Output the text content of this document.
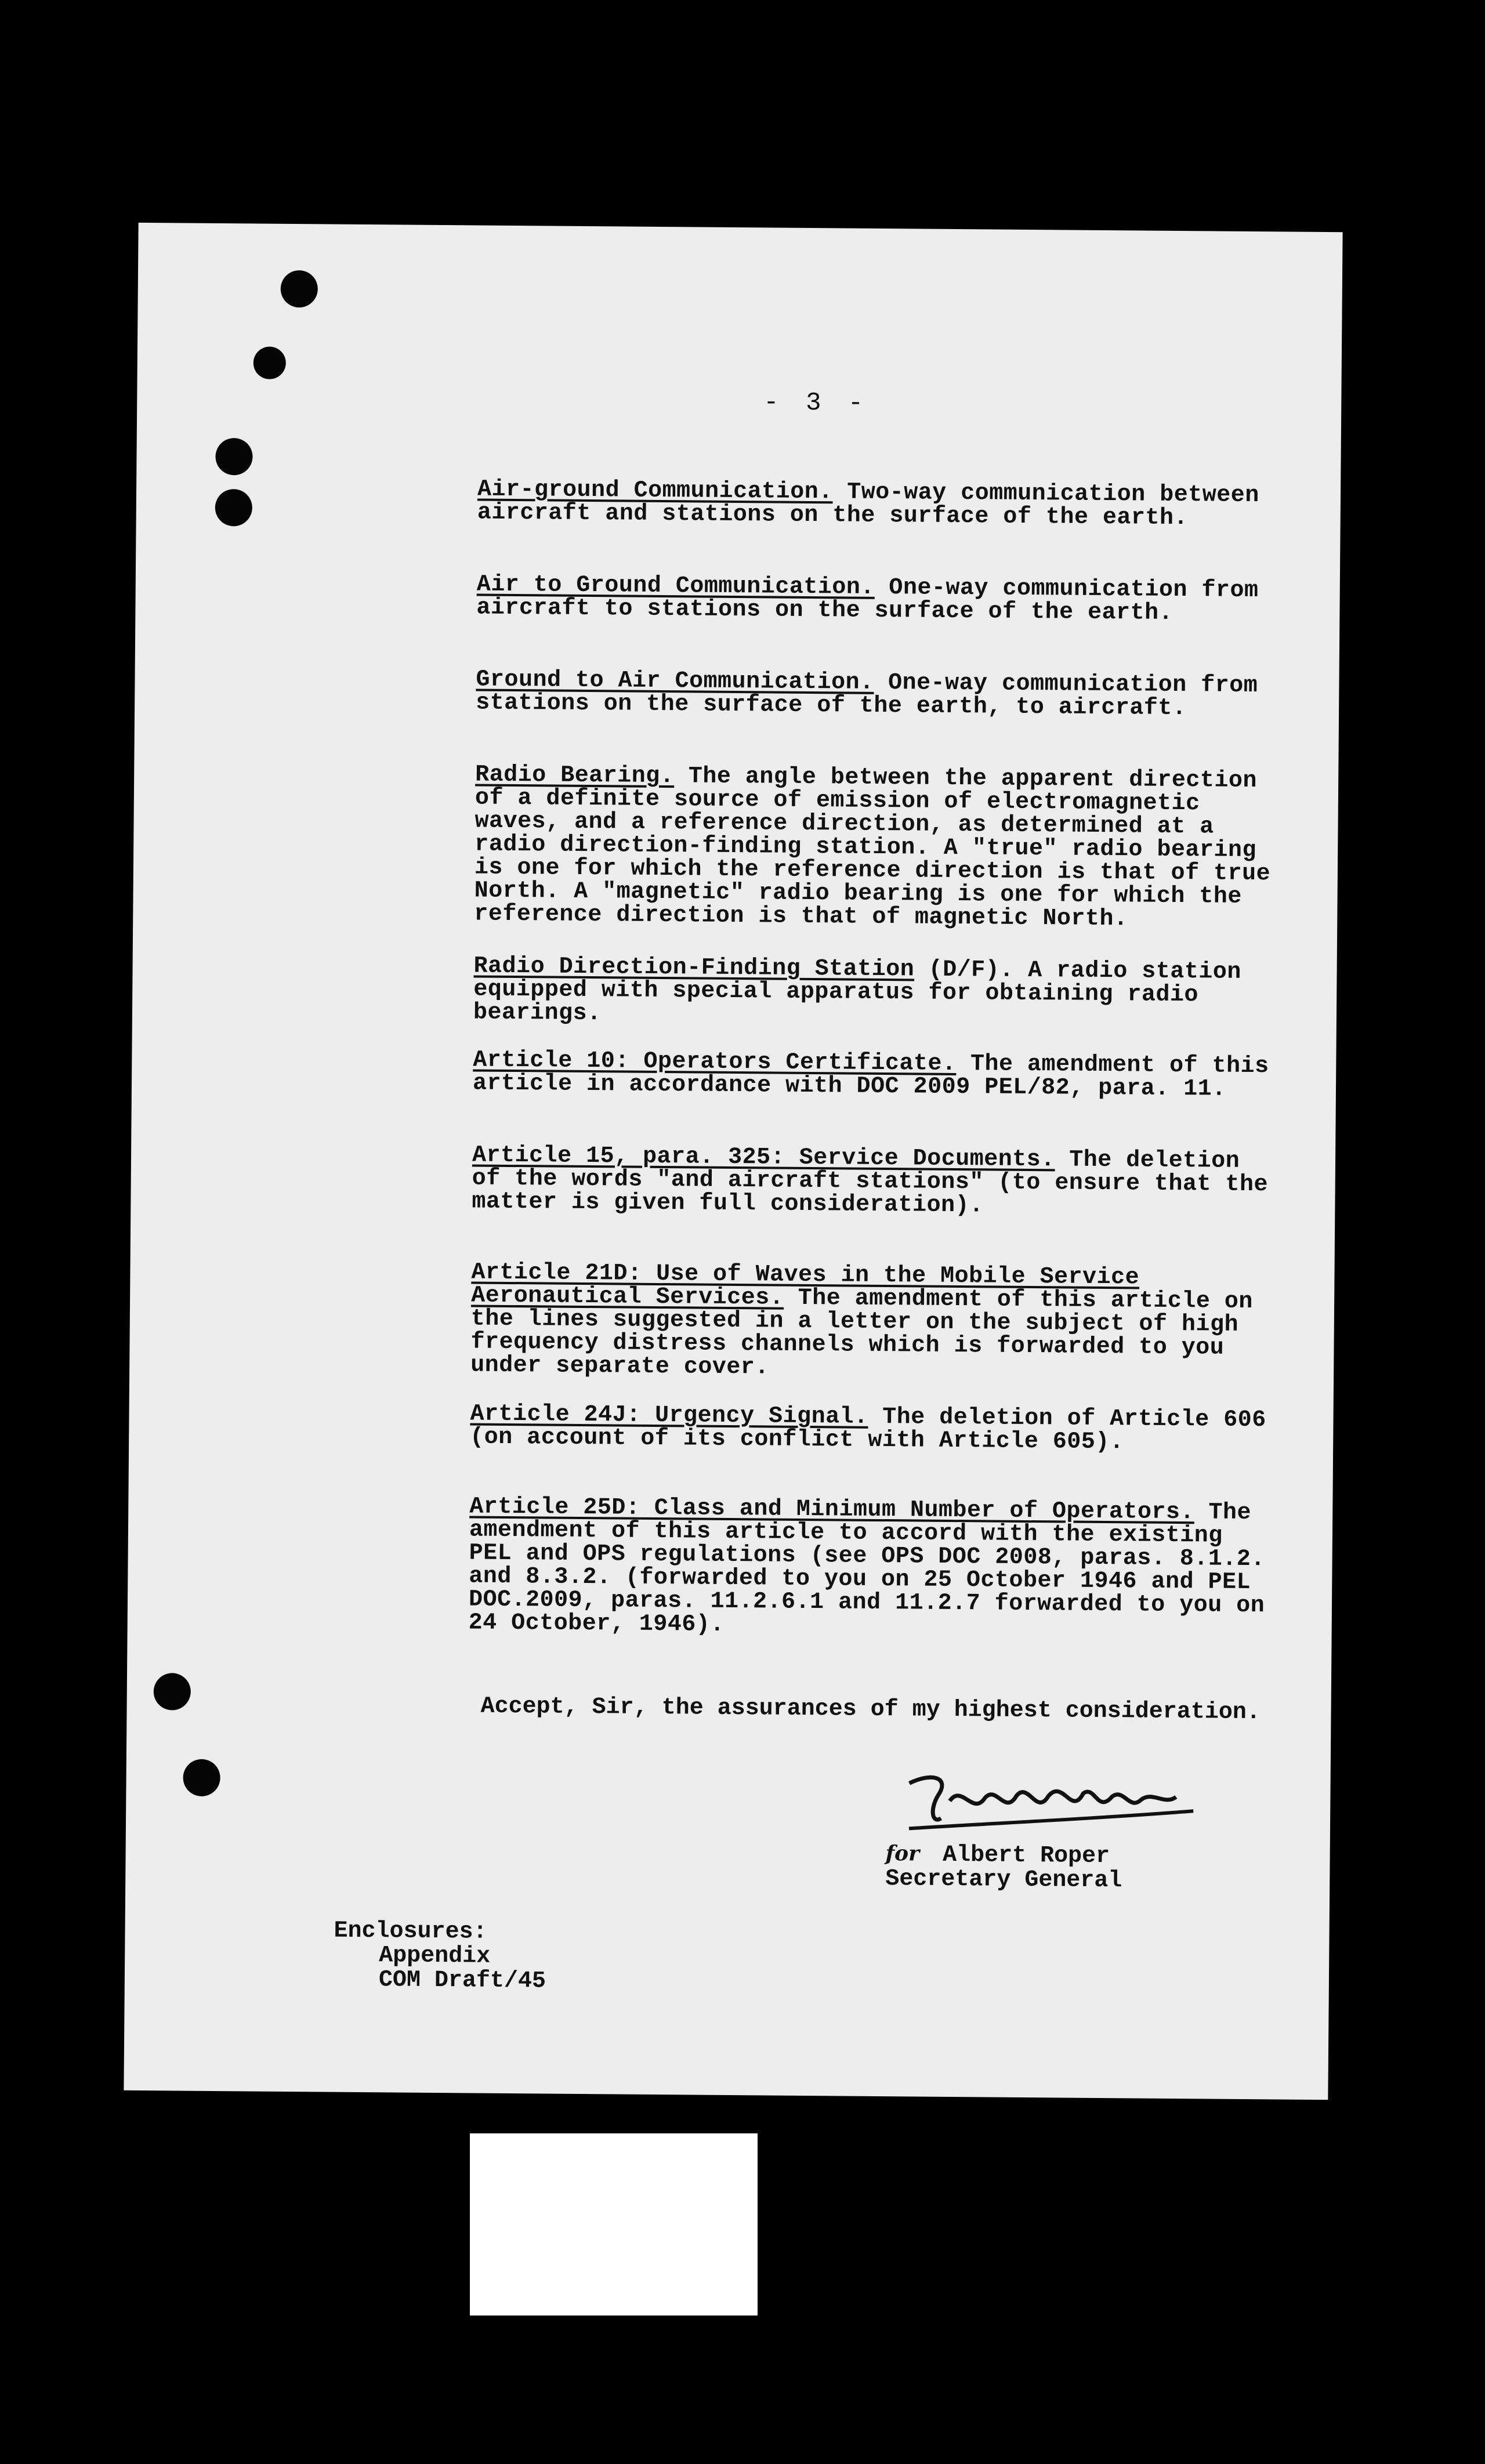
- 3 -

Air-ground Communication. Two-way communication between aircraft and stations on the surface of the earth.

Air to Ground Communication. One-way communication from aircraft to stations on the surface of the earth.

Ground to Air Communication. One-way communication from stations on the surface of the earth, to aircraft.

Radio Bearing. The angle between the apparent direction of a definite source of emission of electromagnetic waves, and a reference direction, as determined at a radio direction-finding station. A "true" radio bearing is one for which the reference direction is that of true North. A "magnetic" radio bearing is one for which the reference direction is that of magnetic North.

Radio Direction-Finding Station (D/F). A radio station equipped with special apparatus for obtaining radio bearings.

Article 10: Operators Certificate. The amendment of this article in accordance with DOC 2009 PEL/82, para. 11.

Article 15, para. 325: Service Documents. The deletion of the words "and aircraft stations" (to ensure that the matter is given full consideration).

Article 21D: Use of Waves in the Mobile Service Aeronautical Services. The amendment of this article on the lines suggested in a letter on the subject of high frequency distress channels which is forwarded to you under separate cover.

Article 24J: Urgency Signal. The deletion of Article 606 (on account of its conflict with Article 605).

Article 25D: Class and Minimum Number of Operators. The amendment of this article to accord with the existing PEL and OPS regulations (see OPS DOC 2008, paras. 8.1.2. and 8.3.2. (forwarded to you on 25 October 1946 and PEL DOC.2009, paras. 11.2.6.1 and 11.2.7 forwarded to you on 24 October, 1946).

Accept, Sir, the assurances of my highest consideration.

for Albert Roper
Secretary General
Enclosures:
Appendix
COM Draft/45
